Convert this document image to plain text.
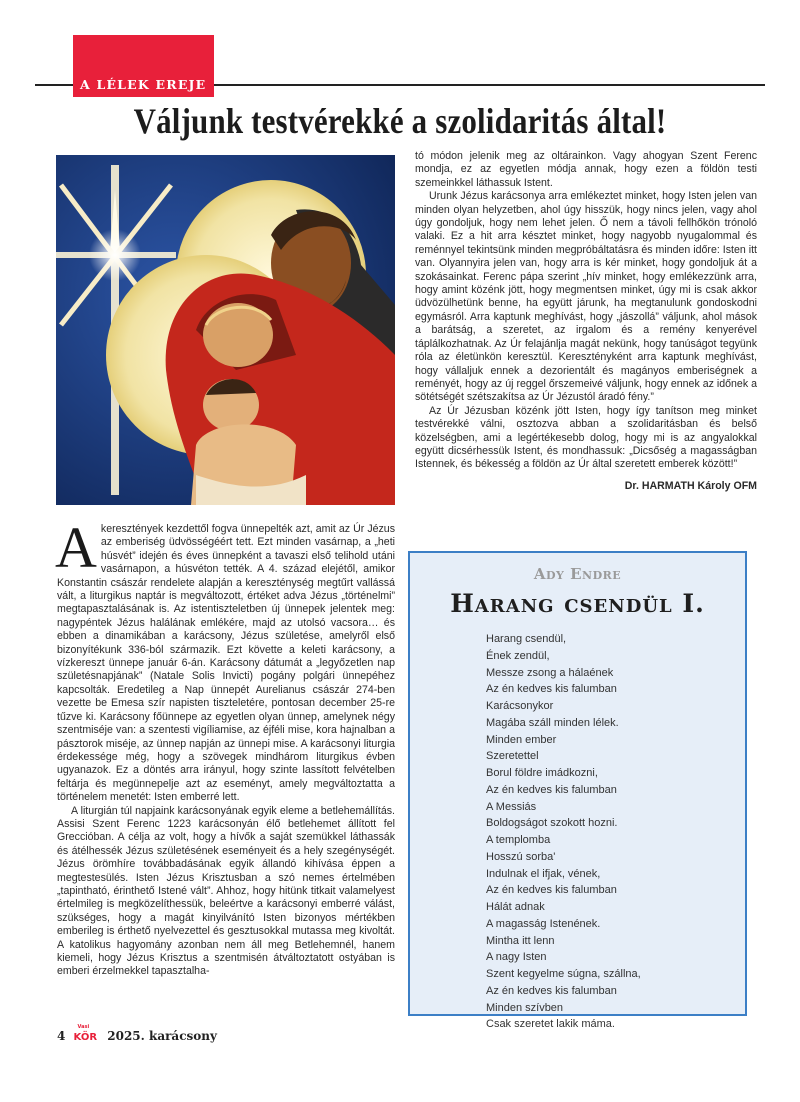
A LÉLEK EREJE
Váljunk testvérekké a szolidaritás által!

tó módon jelenik meg az oltárainkon. Vagy ahogyan Szent Ferenc mondja, ez az egyetlen módja annak, hogy ezen a földön testi szemeinkkel láthassuk Istent.

Urunk Jézus karácsonya arra emlékeztet minket, hogy Isten jelen van minden olyan helyzetben, ahol úgy hisszük, hogy nincs jelen, vagy ahol úgy gondoljuk, hogy nem lehet jelen. Ő nem a távoli fellhőkön trónoló valaki. Ez a hit arra késztet minket, hogy nagyobb nyugalommal és reménnyel tekintsünk minden megpróbáltatásra és minden időre: Isten itt van. Olyannyira jelen van, hogy arra is kér minket, hogy gondoljuk át a szokásainkat. Ferenc pápa szerint „hív minket, hogy emlékezzünk arra, hogy amint közénk jött, hogy megmentsen minket, úgy mi is csak akkor üdvözülhetünk benne, ha együtt járunk, ha megtanulunk gondoskodni egymásról. Arra kaptunk meghívást, hogy „jászollá” váljunk, ahol mások a barátság, a szeretet, az irgalom és a remény kenyerével táplálkozhatnak. Az Úr felajánlja magát nekünk, hogy tanúságot tegyünk róla az életünkön keresztül. Keresztényként arra kaptunk meghívást, hogy vállaljuk ennek a dezorientált és magányos emberiségnek a reményét, hogy az új reggel őrszemeivé váljunk, hogy ennek az időnek a sötétségét szétszakítsa az Úr Jézustól áradó fény.”

Az Úr Jézusban közénk jött Isten, hogy így tanítson meg minket testvérekké válni, osztozva abban a szolidaritásban és belső közelségben, ami a legértékesebb dolog, hogy mi is az angyalokkal együtt dicsérhessük Istent, és mondhassuk: „Dicsőség a magasságban Istennek, és békesség a földön az Úr által szeretett emberek között!”

Dr. HARMATH Károly OFM

Akeresztények kezdettől fogva ünnepelték azt, amit az Úr Jézus az emberiség üdvösségéért tett. Ezt minden vasárnap, a „heti húsvét” idején és éves ünnepként a tavaszi első telihold utáni vasárnapon, a húsvéton tették. A 4. század elejétől, amikor Konstantin császár rendelete alapján a kereszténység megtűrt vallássá vált, a liturgikus naptár is megváltozott, értéket adva Jézus „történelmi” megtapasztalásának is. Az istentiszteletben új ünnepek jelentek meg: nagypéntek Jézus halálának emlékére, majd az utolsó vacsora… és ebben a dinamikában a karácsony, Jézus születése, amelyről első bizonyítékunk 336-ból származik. Ezt követte a keleti karácsony, a vízkereszt ünnepe január 6-án. Karácsony dátumát a „legyőzetlen nap születésnapjának” (Natale Solis Invicti) pogány polgári ünnepéhez kapcsolták. Eredetileg a Nap ünnepét Aurelianus császár 274-ben vezette be Emesa szír napisten tiszteletére, pontosan december 25-re tűzve ki. Karácsony főünnepe az egyetlen olyan ünnep, amelynek négy szentmiséje van: a szentesti vigíliamise, az éjféli mise, kora hajnalban a pásztorok miséje, az ünnep napján az ünnepi mise. A karácsonyi liturgia érdekessége még, hogy a szövegek mindhárom liturgikus évben ugyanazok. Ez a döntés arra irányul, hogy szinte lassított felvételben feltárja és megünnepelje azt az eseményt, amely megváltoztatta a történelem menetét: Isten emberré lett.

A liturgián túl napjaink karácsonyának egyik eleme a betlehemállítás. Assisi Szent Ferenc 1223 karácsonyán élő betlehemet állított fel Greccióban. A célja az volt, hogy a hívők a saját szemükkel láthassák és átélhessék Jézus születésének eseményeit és a hely szegénységét. Jézus örömhíre továbbadásának egyik állandó kihívása éppen a megtestesülés. Isten Jézus Krisztusban a szó nemes értelmében „tapintható, érinthető Istené vált”. Ahhoz, hogy hitünk titkait valamelyest értelmileg is megközelíthessük, beleértve a karácsonyi emberré válást, szükséges, hogy a magát kinyilvánító Isten bizonyos mértékben emberileg is érthető nyelvezettel és gesztusokkal mutassa meg kivoltát. A katolikus hagyomány azonban nem áll meg Betlehemnél, hanem kiemeli, hogy Jézus Krisztus a szentmisén átváltoztatott ostyában is emberi érzelmekkel tapasztalha-

Ady Endre
Harang csendül I.
Harang csendül,
Ének zendül,
Messze zsong a hálaének
Az én kedves kis falumban
Karácsonykor
Magába száll minden lélek.
Minden ember
Szeretettel
Borul földre imádkozni,
Az én kedves kis falumban
A Messiás
Boldogságot szokott hozni.
A templomba
Hosszú sorba'
Indulnak el ifjak, vének,
Az én kedves kis falumban
Hálát adnak
A magasság Istenének.
Mintha itt lenn
A nagy Isten
Szent kegyelme súgna, szállna,
Az én kedves kis falumban
Minden szívben
Csak szeretet lakik máma.
4
Vasi
KÖR 2025. karácsony
